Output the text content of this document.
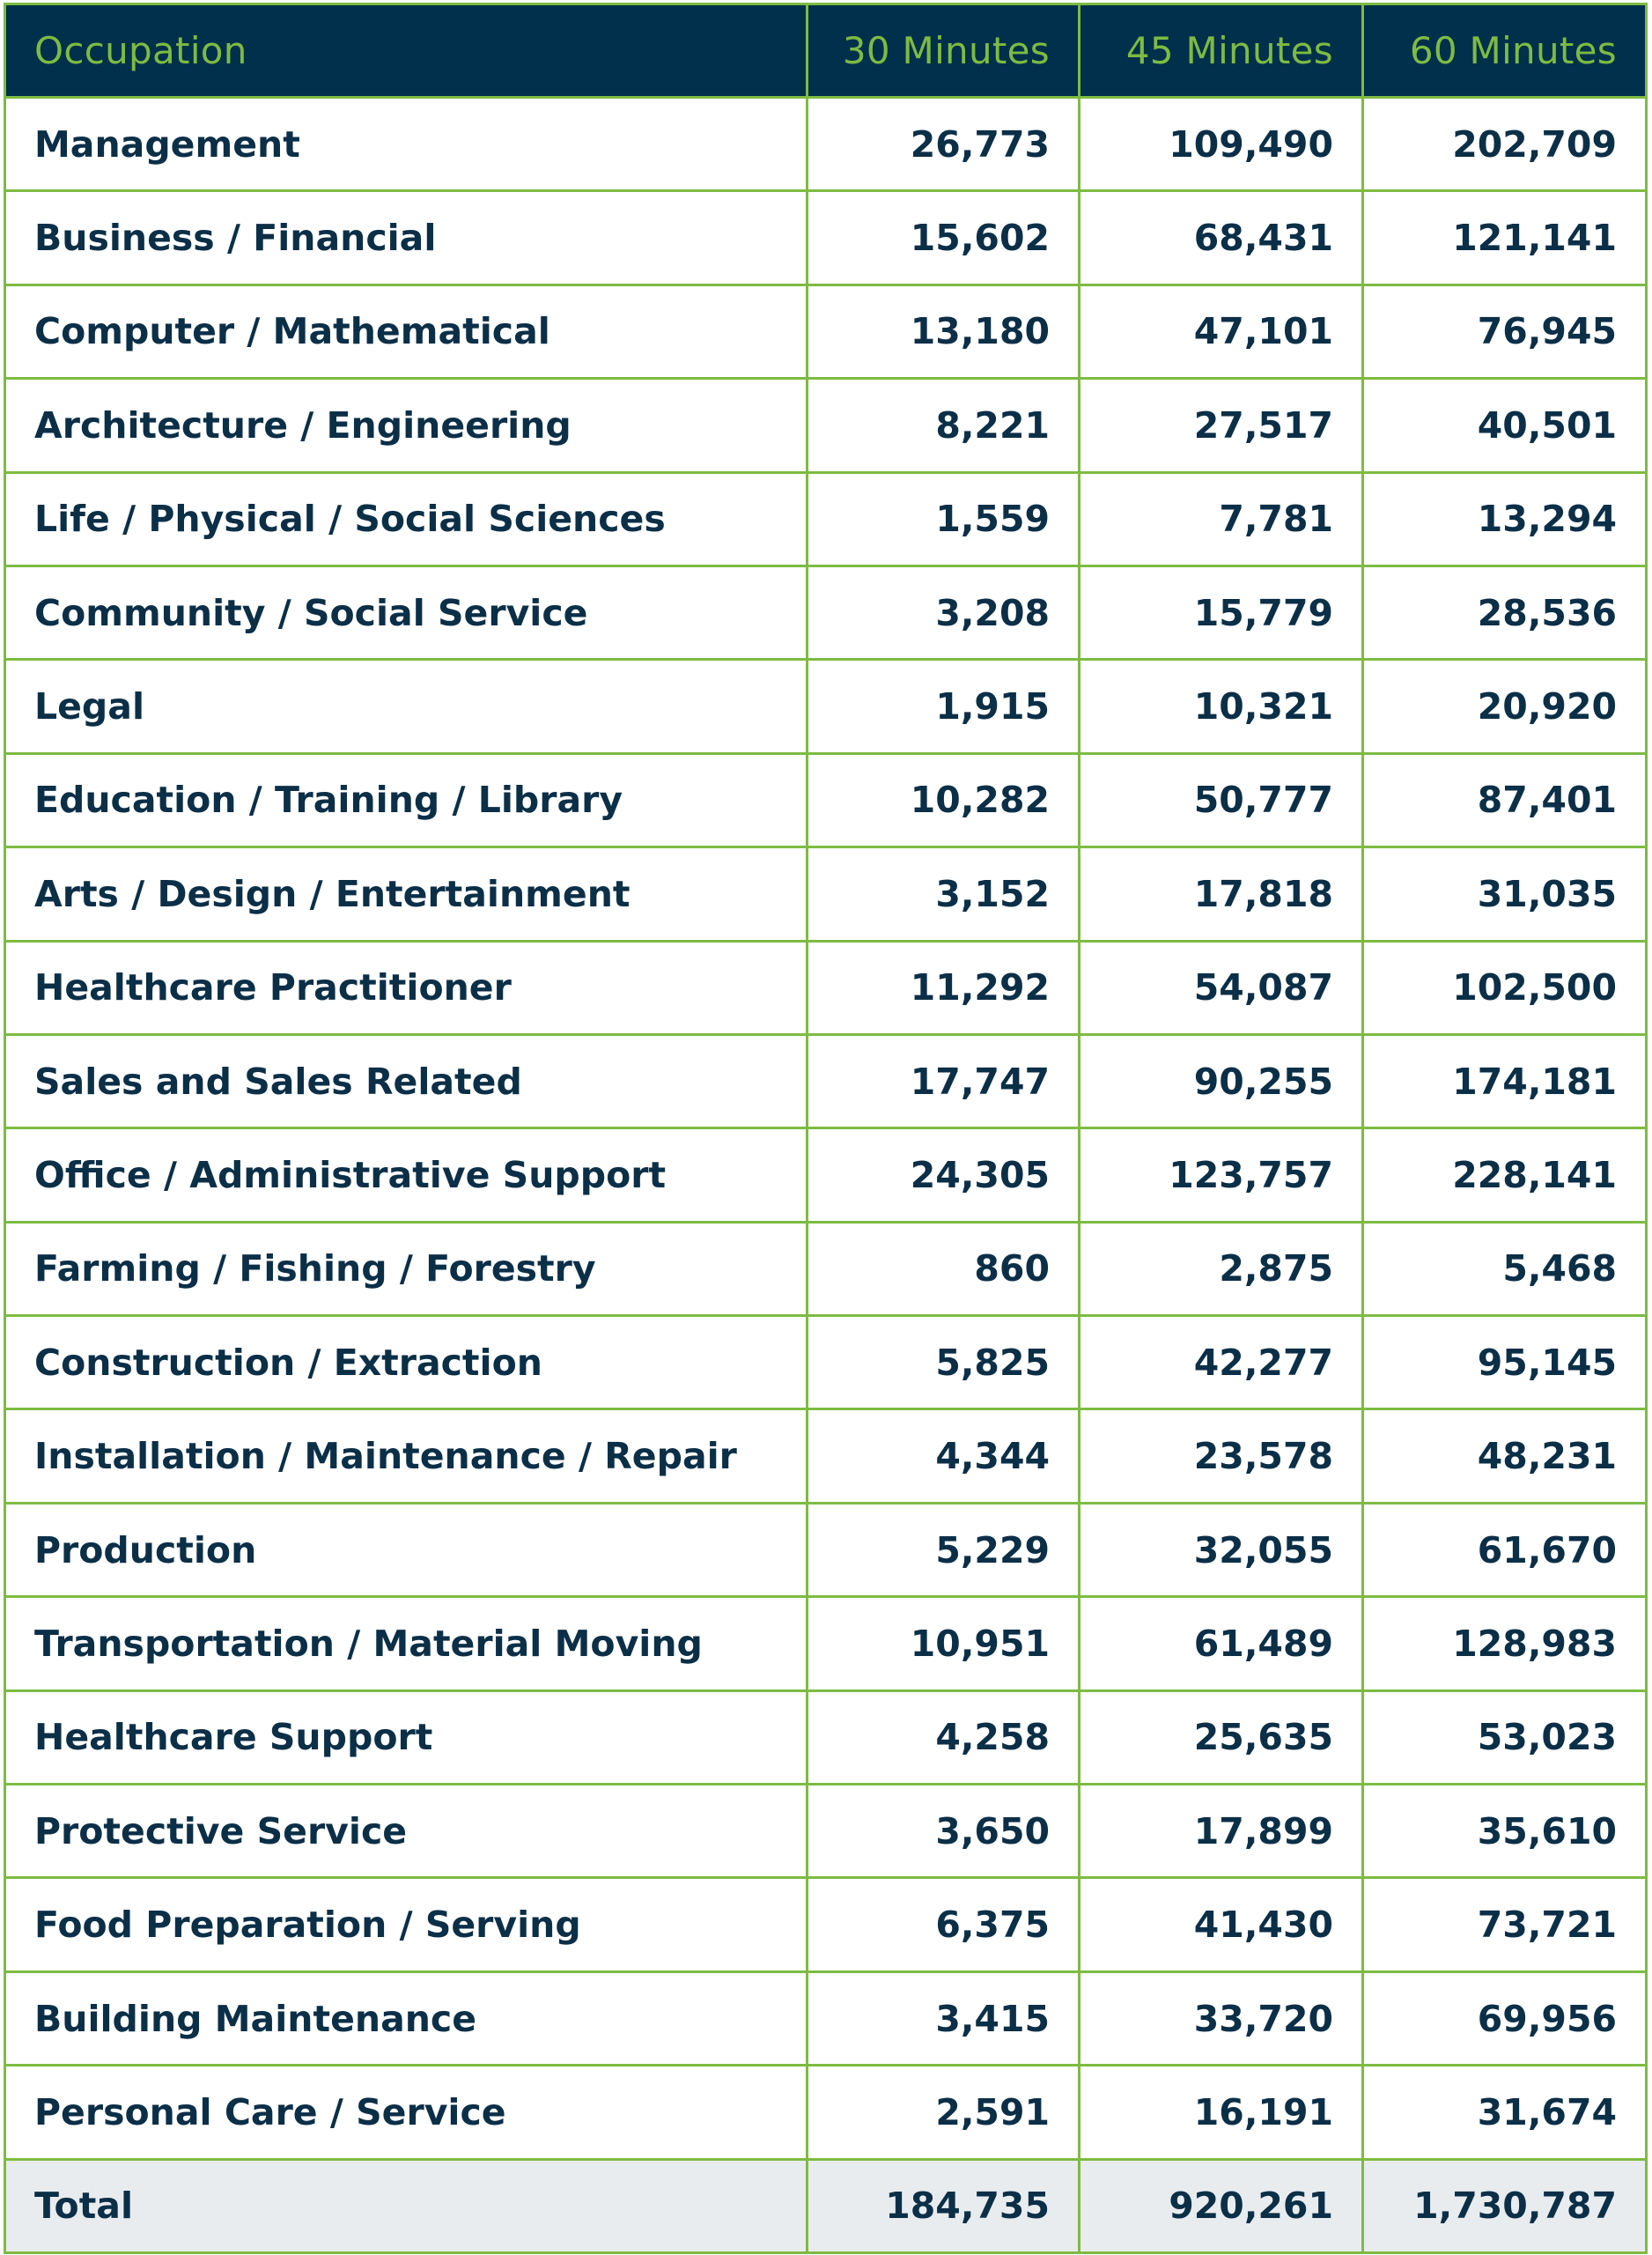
Occupation	30 Minutes	45 Minutes	60 Minutes
Management	26,773	109,490	202,709
Business / Financial	15,602	68,431	121,141
Computer / Mathematical	13,180	47,101	76,945
Architecture / Engineering	8,221	27,517	40,501
Life / Physical / Social Sciences	1,559	7,781	13,294
Community / Social Service	3,208	15,779	28,536
Legal	1,915	10,321	20,920
Education / Training / Library	10,282	50,777	87,401
Arts / Design / Entertainment	3,152	17,818	31,035
Healthcare Practitioner	11,292	54,087	102,500
Sales and Sales Related	17,747	90,255	174,181
Office / Administrative Support	24,305	123,757	228,141
Farming / Fishing / Forestry	860	2,875	5,468
Construction / Extraction	5,825	42,277	95,145
Installation / Maintenance / Repair	4,344	23,578	48,231
Production	5,229	32,055	61,670
Transportation / Material Moving	10,951	61,489	128,983
Healthcare Support	4,258	25,635	53,023
Protective Service	3,650	17,899	35,610
Food Preparation / Serving	6,375	41,430	73,721
Building Maintenance	3,415	33,720	69,956
Personal Care / Service	2,591	16,191	31,674
Total	184,735	920,261	1,730,787
